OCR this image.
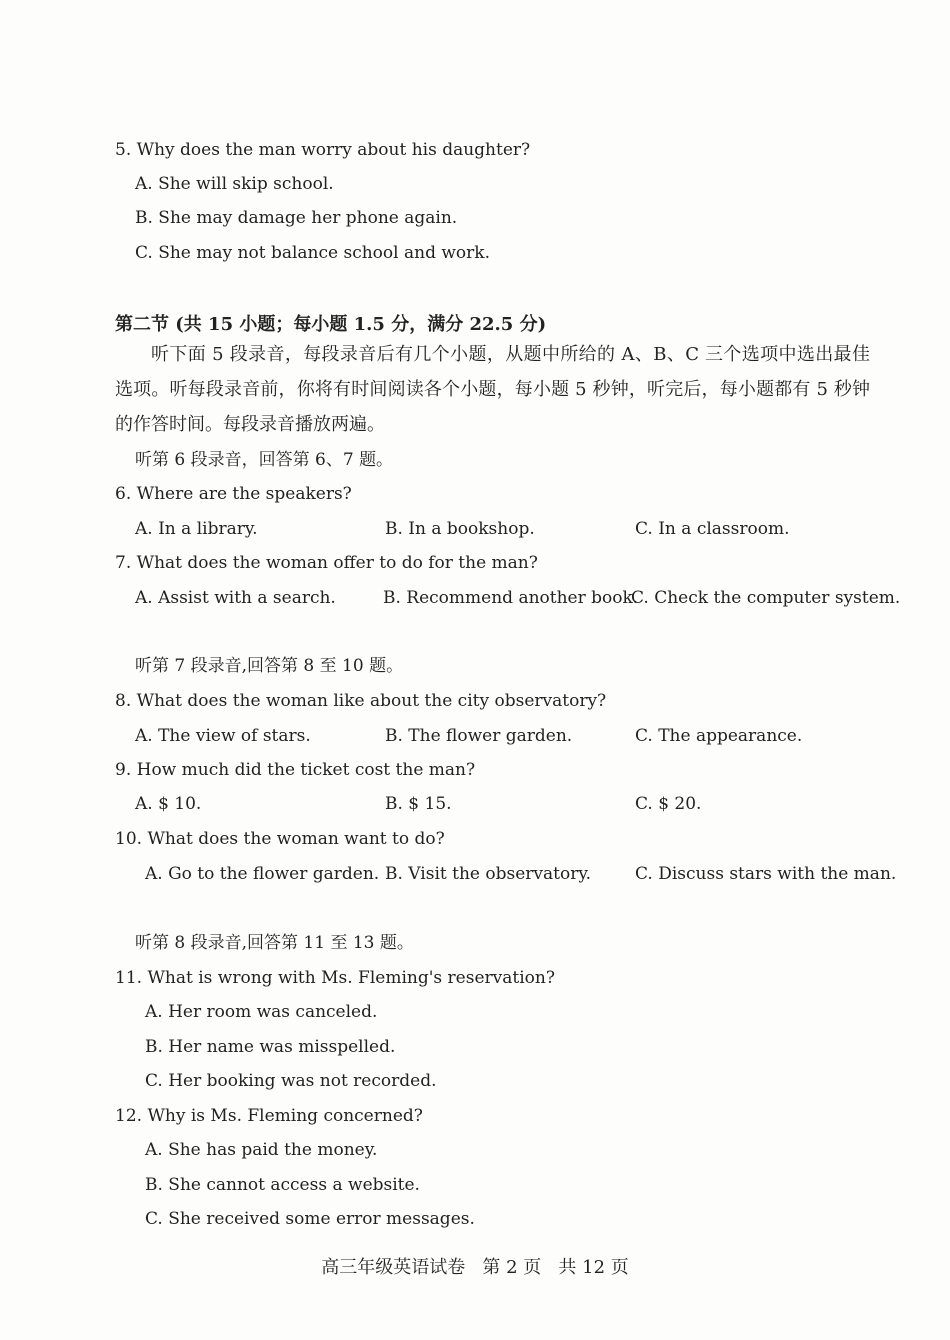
5. Why does the man worry about his daughter?
A. She will skip school.
B. She may damage her phone again.
C. She may not balance school and work.
第二节 (共 15 小题；每小题 1.5 分，满分 22.5 分)
听下面 5 段录音，每段录音后有几个小题，从题中所给的 A、B、C 三个选项中选出最佳选项。听每段录音前，你将有时间阅读各个小题，每小题 5 秒钟，听完后，每小题都有 5 秒钟的作答时间。每段录音播放两遍。
听第 6 段录音，回答第 6、7 题。
6. Where are the speakers?
A. In a library.	B. In a bookshop.	C. In a classroom.
7. What does the woman offer to do for the man?
A. Assist with a search.	B. Recommend another book.
C. Check the computer system.
听第 7 段录音,回答第 8 至 10 题。
8. What does the woman like about the city observatory?
A. The view of stars.	B. The flower garden.	C. The appearance.
9. How much did the ticket cost the man?
A. $ 10.	B. $ 15.	C. $ 20.
10. What does the woman want to do?
A. Go to the flower garden. B. Visit the observatory.	C. Discuss stars with the man.
听第 8 段录音,回答第 11 至 13 题。
11. What is wrong with Ms. Fleming's reservation?
A. Her room was canceled.
B. Her name was misspelled.
C. Her booking was not recorded.
12. Why is Ms. Fleming concerned?
A. She has paid the money.
B. She cannot access a website.
C. She received some error messages.
高三年级英语试卷   第 2 页   共 12 页
